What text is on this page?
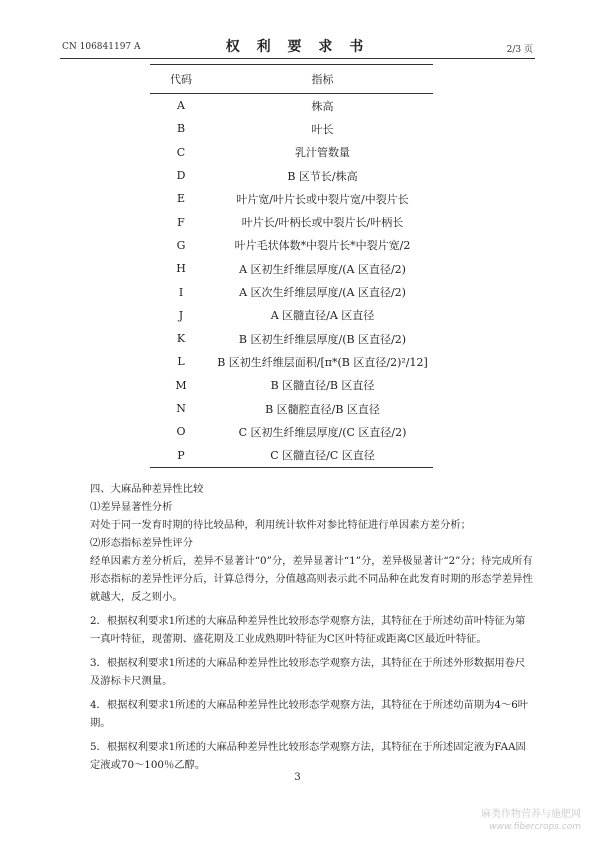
CN 106841197 A	权 利 要 求 书	2/3 页
代码	指标
A	株高
B	叶长
C	乳汁管数量
D	B 区节长/株高
E	叶片宽/叶片长或中裂片宽/中裂片长
F	叶片长/叶柄长或中裂片长/叶柄长
G	叶片毛状体数*中裂片长*中裂片宽/2
H	A 区初生纤维层厚度/(A 区直径/2)
I	A 区次生纤维层厚度/(A 区直径/2)
J	A 区髓直径/A 区直径
K	B 区初生纤维层厚度/(B 区直径/2)
L	B 区初生纤维层面积/[π*(B 区直径/2)²/12]
M	B 区髓直径/B 区直径
N	B 区髓腔直径/B 区直径
O	C 区初生纤维层厚度/(C 区直径/2)
P	C 区髓直径/C 区直径

四、大麻品种差异性比较

⑴差异显著性分析

对处于同一发育时期的待比较品种，利用统计软件对参比特征进行单因素方差分析；

⑵形态指标差异性评分

经单因素方差分析后，差异不显著计“0”分，差异显著计“1”分，差异极显著计“2”分；待完成所有形态指标的差异性评分后，计算总得分，分值越高则表示此不同品种在此发育时期的形态学差异性就越大，反之则小。

2．根据权利要求1所述的大麻品种差异性比较形态学观察方法，其特征在于所述幼苗叶特征为第一真叶特征，现蕾期、盛花期及工业成熟期叶特征为C区叶特征或距离C区最近叶特征。

3．根据权利要求1所述的大麻品种差异性比较形态学观察方法，其特征在于所述外形数据用卷尺及游标卡尺测量。

4．根据权利要求1所述的大麻品种差异性比较形态学观察方法，其特征在于所述幼苗期为4～6叶期。

5．根据权利要求1所述的大麻品种差异性比较形态学观察方法，其特征在于所述固定液为FAA固定液或70～100％乙醇。

3
麻类作物营养与施肥网
www.fibercrops.com
